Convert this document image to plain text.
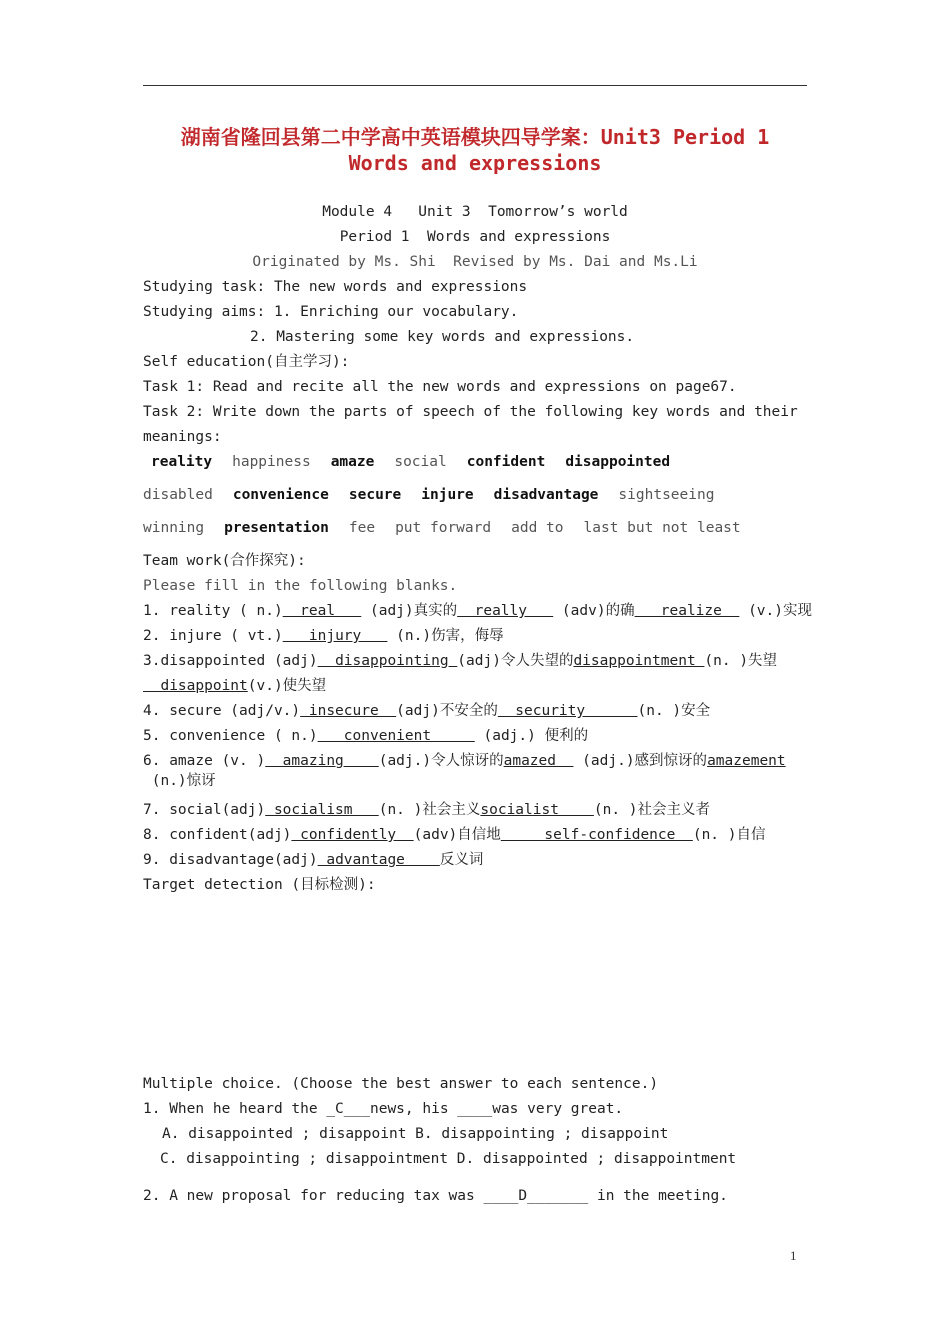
湖南省隆回县第二中学高中英语模块四导学案：Unit3 Period 1
Words and expressions
Module 4   Unit 3  Tomorrow’s world
Period 1  Words and expressions
Originated by Ms. Shi  Revised by Ms. Dai and Ms.Li
Studying task: The new words and expressions
Studying aims: 1. Enriching our vocabulary.
2. Mastering some key words and expressions.
Self education(自主学习):
Task 1: Read and recite all the new words and expressions on page67.
Task 2: Write down the parts of speech of the following key words and their
meanings:
reality happiness amaze social confident disappointed
disabled convenience secure injure disadvantage sightseeing
winning presentation fee put forward add to last but not least
Team work(合作探究):
Please fill in the following blanks.
1. reality ( n.)  real    (adj)真实的  really    (adv)的确   realize   (v.)实现
2. injure ( vt.)   injury    (n.)伤害，侮辱
3.disappointed (adj)  disappointing (adj)令人失望的disappointment (n. )失望
disappoint(v.)使失望
4. secure (adj/v.) insecure  (adj)不安全的  security      (n. )安全
5. convenience ( n.)   convenient      (adj.) 便利的
6. amaze (v. )  amazing    (adj.)令人惊讶的amazed   (adj.)感到惊讶的amazement
(n.)惊讶
7. social(adj) socialism   (n. )社会主义socialist    (n. )社会主义者
8. confident(adj) confidently  (adv)自信地     self-confidence  (n. )自信
9. disadvantage(adj) advantage    反义词
Target detection (目标检测):
Multiple choice. (Choose the best answer to each sentence.)
1. When he heard the _C___news, his ____was very great.
A. disappointed ; disappoint B. disappointing ; disappoint
C. disappointing ; disappointment D. disappointed ; disappointment
2. A new proposal for reducing tax was ____D_______ in the meeting.
1
